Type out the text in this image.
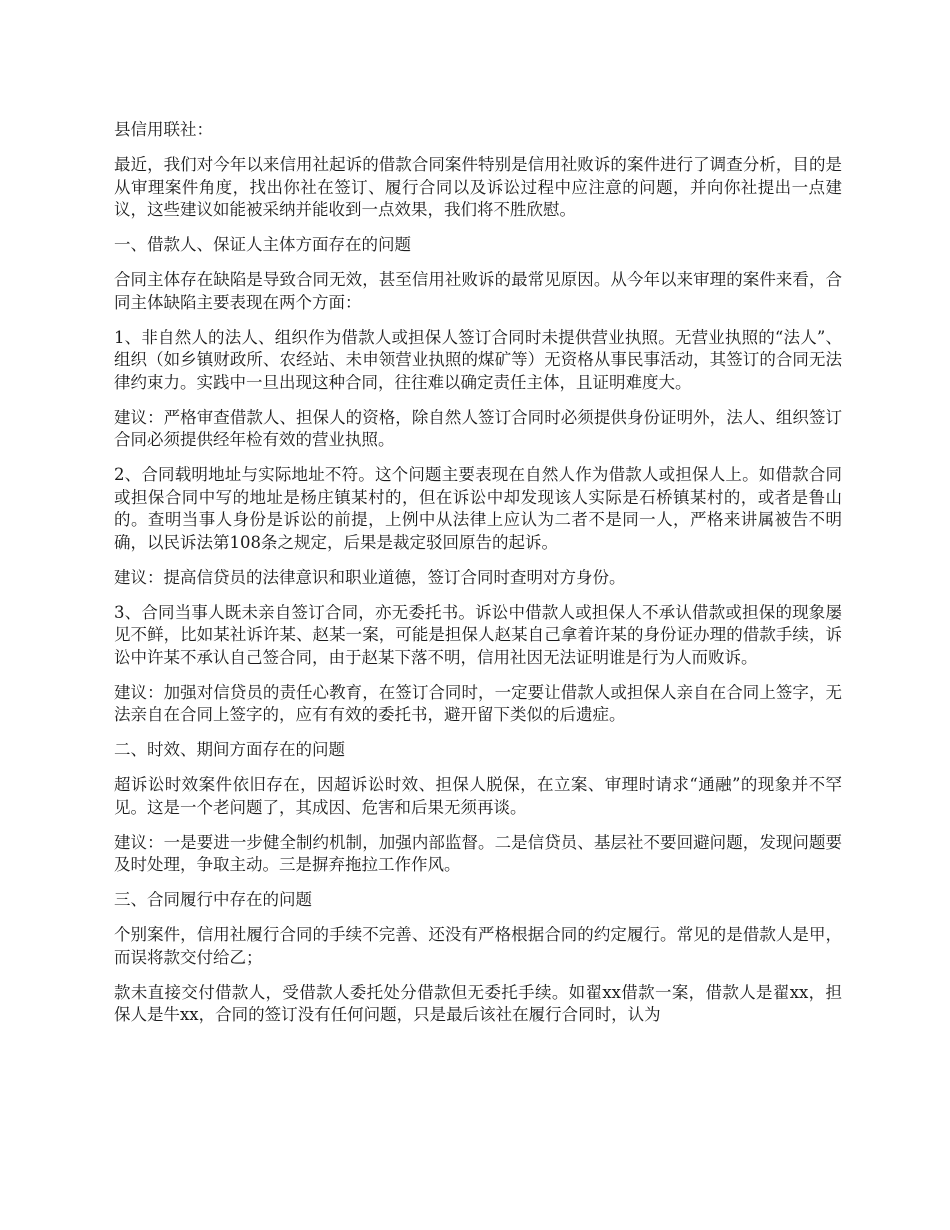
县信用联社：

最近，我们对今年以来信用社起诉的借款合同案件特别是信用社败诉的案件进行了调查分析，目的是从审理案件角度，找出你社在签订、履行合同以及诉讼过程中应注意的问题，并向你社提出一点建议，这些建议如能被采纳并能收到一点效果，我们将不胜欣慰。

一、借款人、保证人主体方面存在的问题

合同主体存在缺陷是导致合同无效，甚至信用社败诉的最常见原因。从今年以来审理的案件来看，合同主体缺陷主要表现在两个方面：

1、非自然人的法人、组织作为借款人或担保人签订合同时未提供营业执照。无营业执照的“法人”、组织（如乡镇财政所、农经站、未申领营业执照的煤矿等）无资格从事民事活动，其签订的合同无法律约束力。实践中一旦出现这种合同，往往难以确定责任主体，且证明难度大。

建议：严格审查借款人、担保人的资格，除自然人签订合同时必须提供身份证明外，法人、组织签订合同必须提供经年检有效的营业执照。

2、合同载明地址与实际地址不符。这个问题主要表现在自然人作为借款人或担保人上。如借款合同或担保合同中写的地址是杨庄镇某村的，但在诉讼中却发现该人实际是石桥镇某村的，或者是鲁山的。查明当事人身份是诉讼的前提，上例中从法律上应认为二者不是同一人，严格来讲属被告不明确，以民诉法第108条之规定，后果是裁定驳回原告的起诉。

建议：提高信贷员的法律意识和职业道德，签订合同时查明对方身份。

3、合同当事人既未亲自签订合同，亦无委托书。诉讼中借款人或担保人不承认借款或担保的现象屡见不鲜，比如某社诉许某、赵某一案，可能是担保人赵某自己拿着许某的身份证办理的借款手续，诉讼中许某不承认自己签合同，由于赵某下落不明，信用社因无法证明谁是行为人而败诉。

建议：加强对信贷员的责任心教育，在签订合同时，一定要让借款人或担保人亲自在合同上签字，无法亲自在合同上签字的，应有有效的委托书，避开留下类似的后遗症。

二、时效、期间方面存在的问题

超诉讼时效案件依旧存在，因超诉讼时效、担保人脱保，在立案、审理时请求“通融”的现象并不罕见。这是一个老问题了，其成因、危害和后果无须再谈。

建议：一是要进一步健全制约机制，加强内部监督。二是信贷员、基层社不要回避问题，发现问题要及时处理，争取主动。三是摒弃拖拉工作作风。

三、合同履行中存在的问题

个别案件，信用社履行合同的手续不完善、还没有严格根据合同的约定履行。常见的是借款人是甲，而误将款交付给乙；

款未直接交付借款人，受借款人委托处分借款但无委托手续。如翟xx借款一案，借款人是翟xx，担保人是牛xx，合同的签订没有任何问题，只是最后该社在履行合同时，认为
